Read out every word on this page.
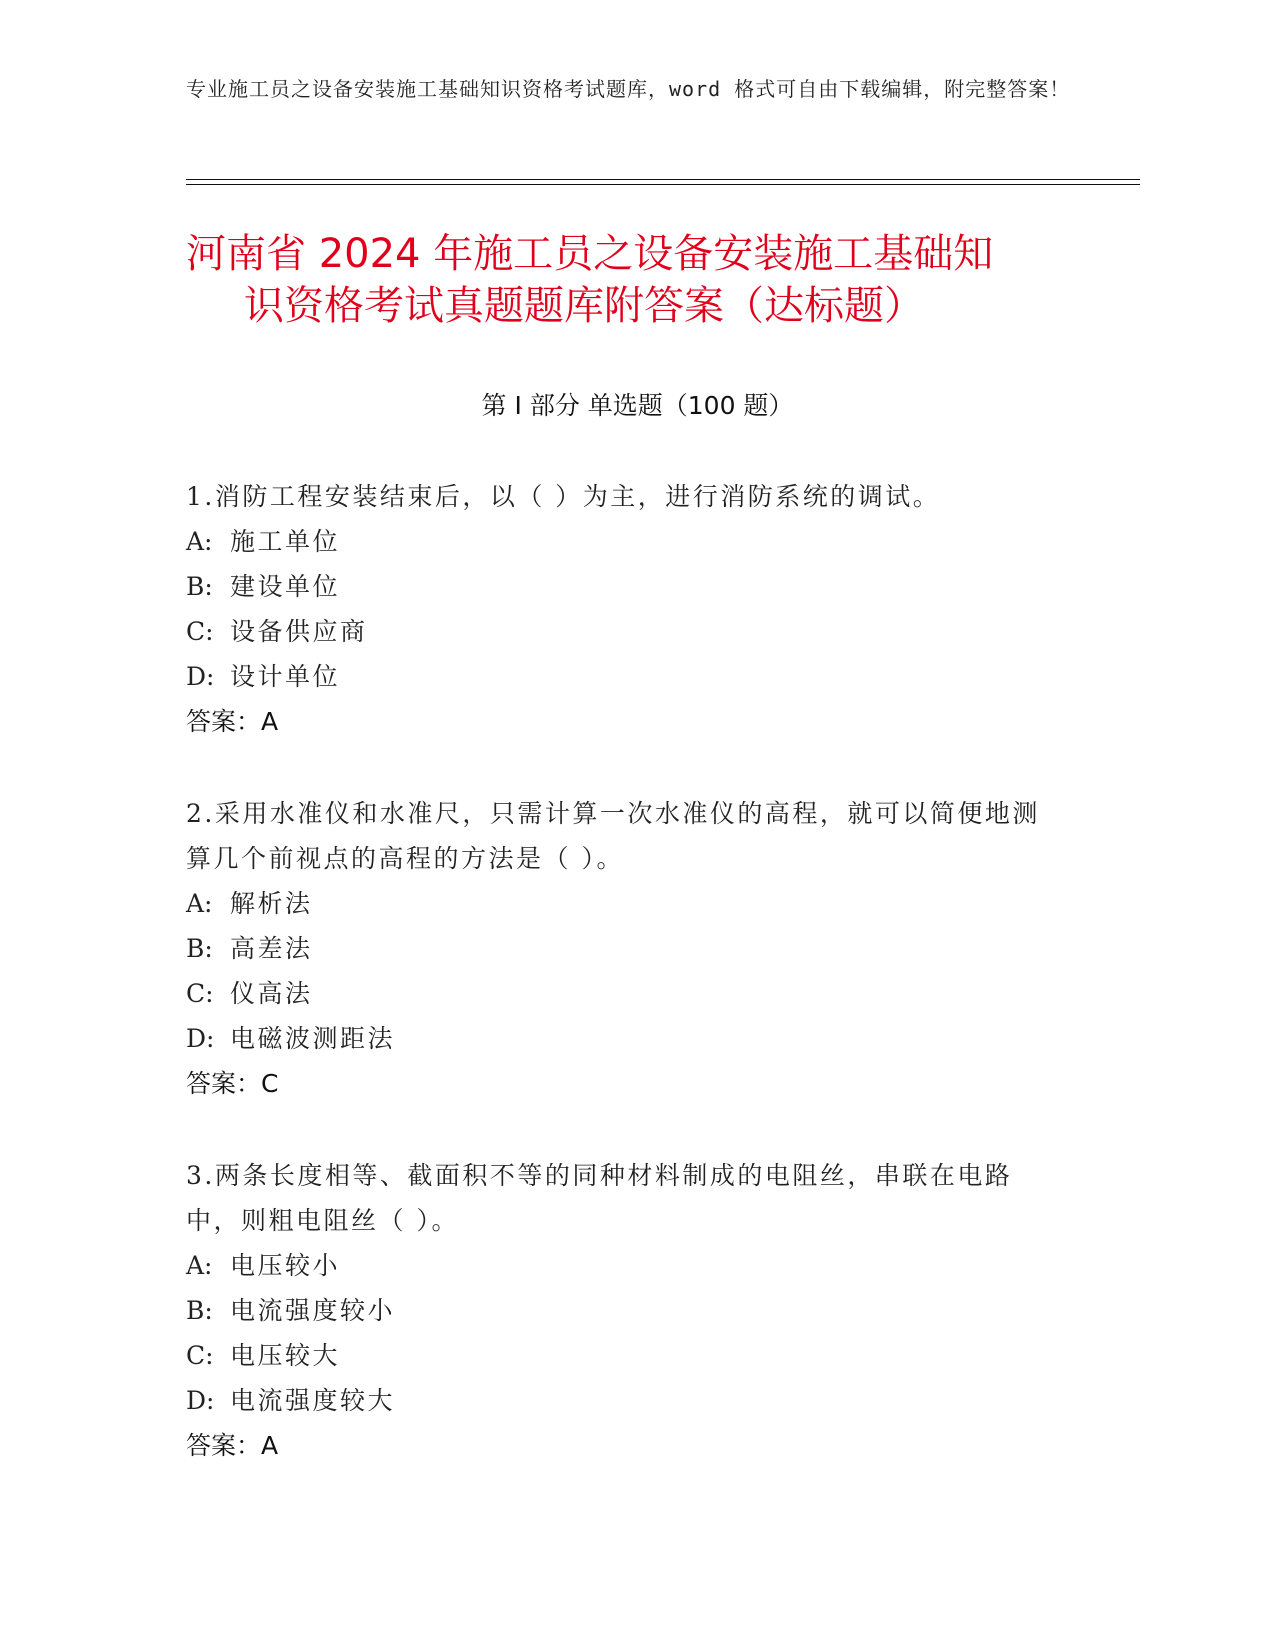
专业施工员之设备安装施工基础知识资格考试题库，word 格式可自由下载编辑，附完整答案！
河南省 2024 年施工员之设备安装施工基础知
识资格考试真题题库附答案（达标题）
第 I 部分 单选题（100 题）

1.消防工程安装结束后，以（ ）为主，进行消防系统的调试。

A: 施工单位

B: 建设单位

C: 设备供应商

D: 设计单位

答案：A

2.采用水准仪和水准尺，只需计算一次水准仪的高程，就可以简便地测算几个前视点的高程的方法是（ ）。

A: 解析法

B: 高差法

C: 仪高法

D: 电磁波测距法

答案：C

3.两条长度相等、截面积不等的同种材料制成的电阻丝，串联在电路中，则粗电阻丝（ ）。

A: 电压较小

B: 电流强度较小

C: 电压较大

D: 电流强度较大

答案：A
